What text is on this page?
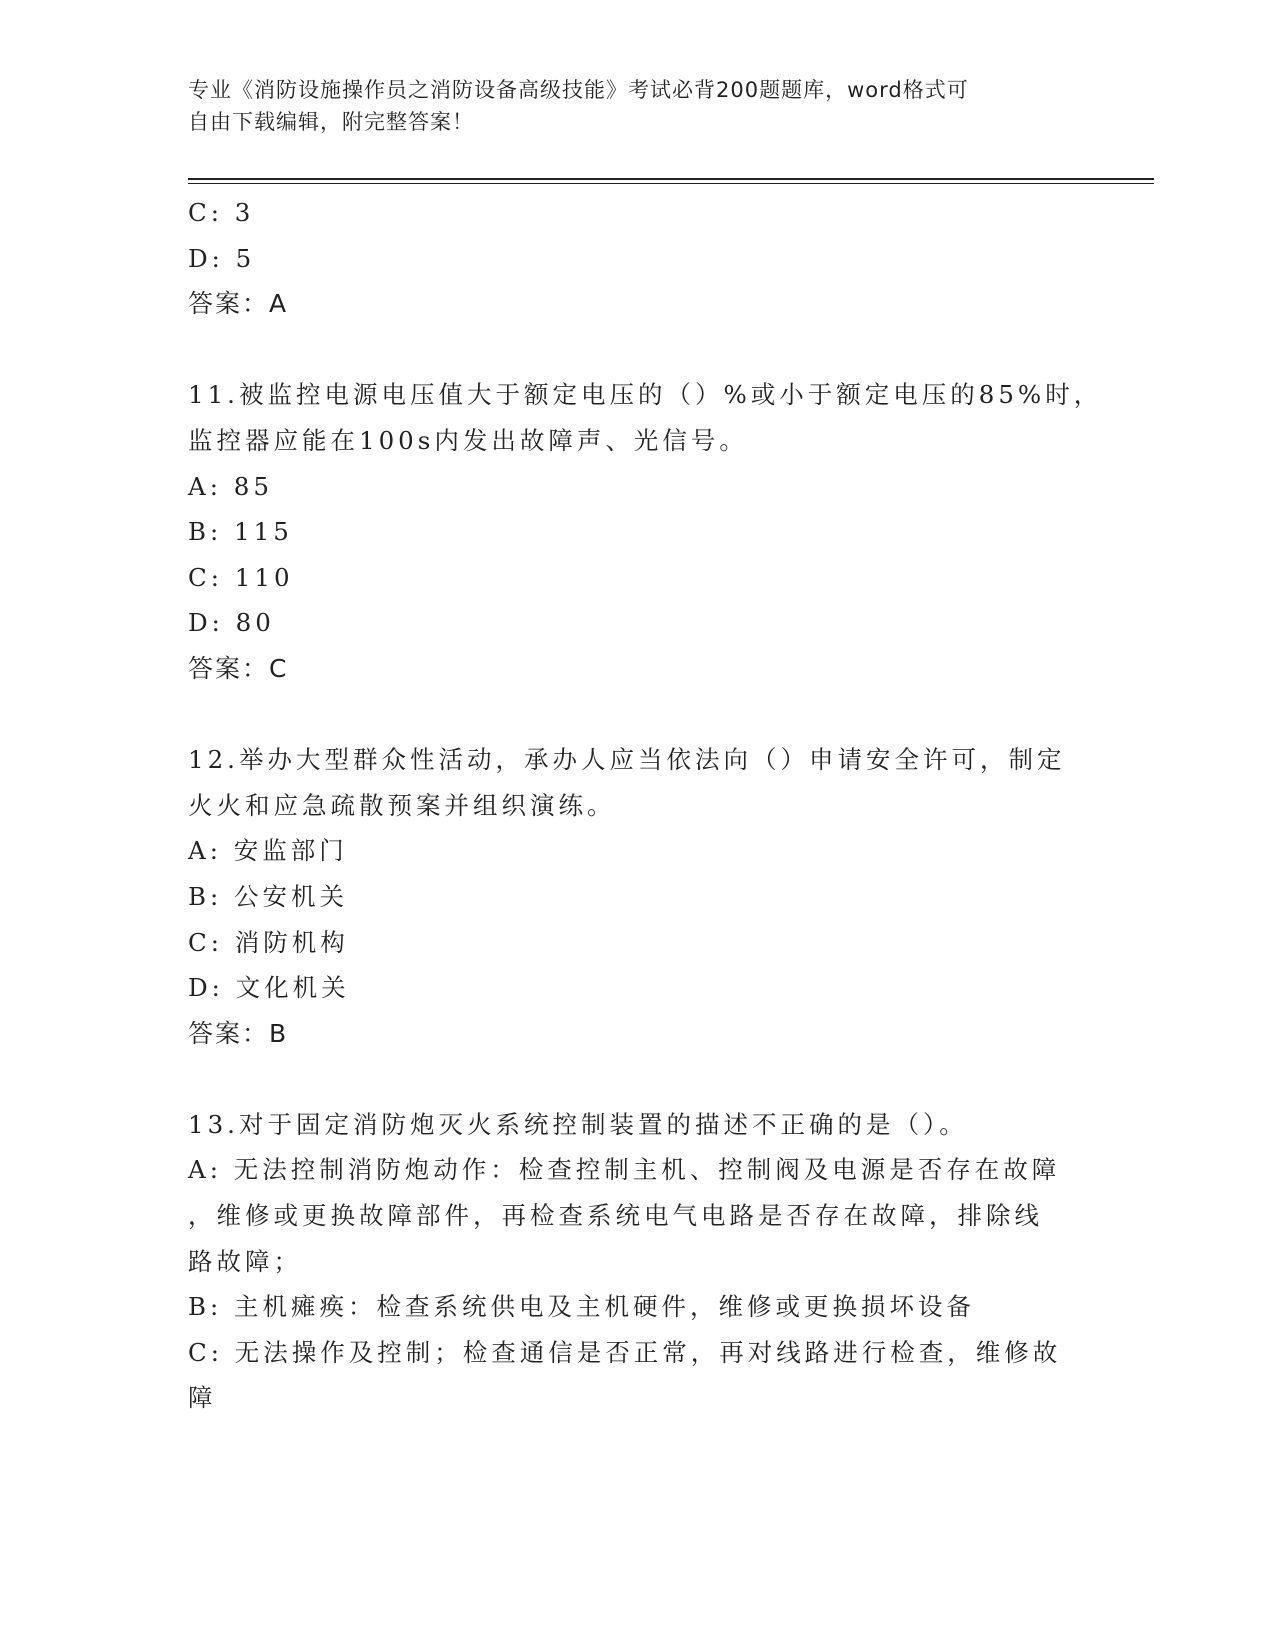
专业《消防设施操作员之消防设备高级技能》考试必背200题题库，word格式可
自由下载编辑，附完整答案！
C: 3
D: 5
答案：A
11.被监控电源电压值大于额定电压的（）%或小于额定电压的85%时，
监控器应能在100s内发出故障声、光信号。
A: 85
B: 115
C: 110
D: 80
答案：C
12.举办大型群众性活动，承办人应当依法向（）申请安全许可，制定
火火和应急疏散预案并组织演练。
A: 安监部门
B: 公安机关
C: 消防机构
D: 文化机关
答案：B
13.对于固定消防炮灭火系统控制装置的描述不正确的是（）。
A: 无法控制消防炮动作：检查控制主机、控制阀及电源是否存在故障
，维修或更换故障部件，再检查系统电气电路是否存在故障，排除线
路故障；
B: 主机瘫痪：检查系统供电及主机硬件，维修或更换损坏设备
C: 无法操作及控制；检查通信是否正常，再对线路进行检查，维修故
障
